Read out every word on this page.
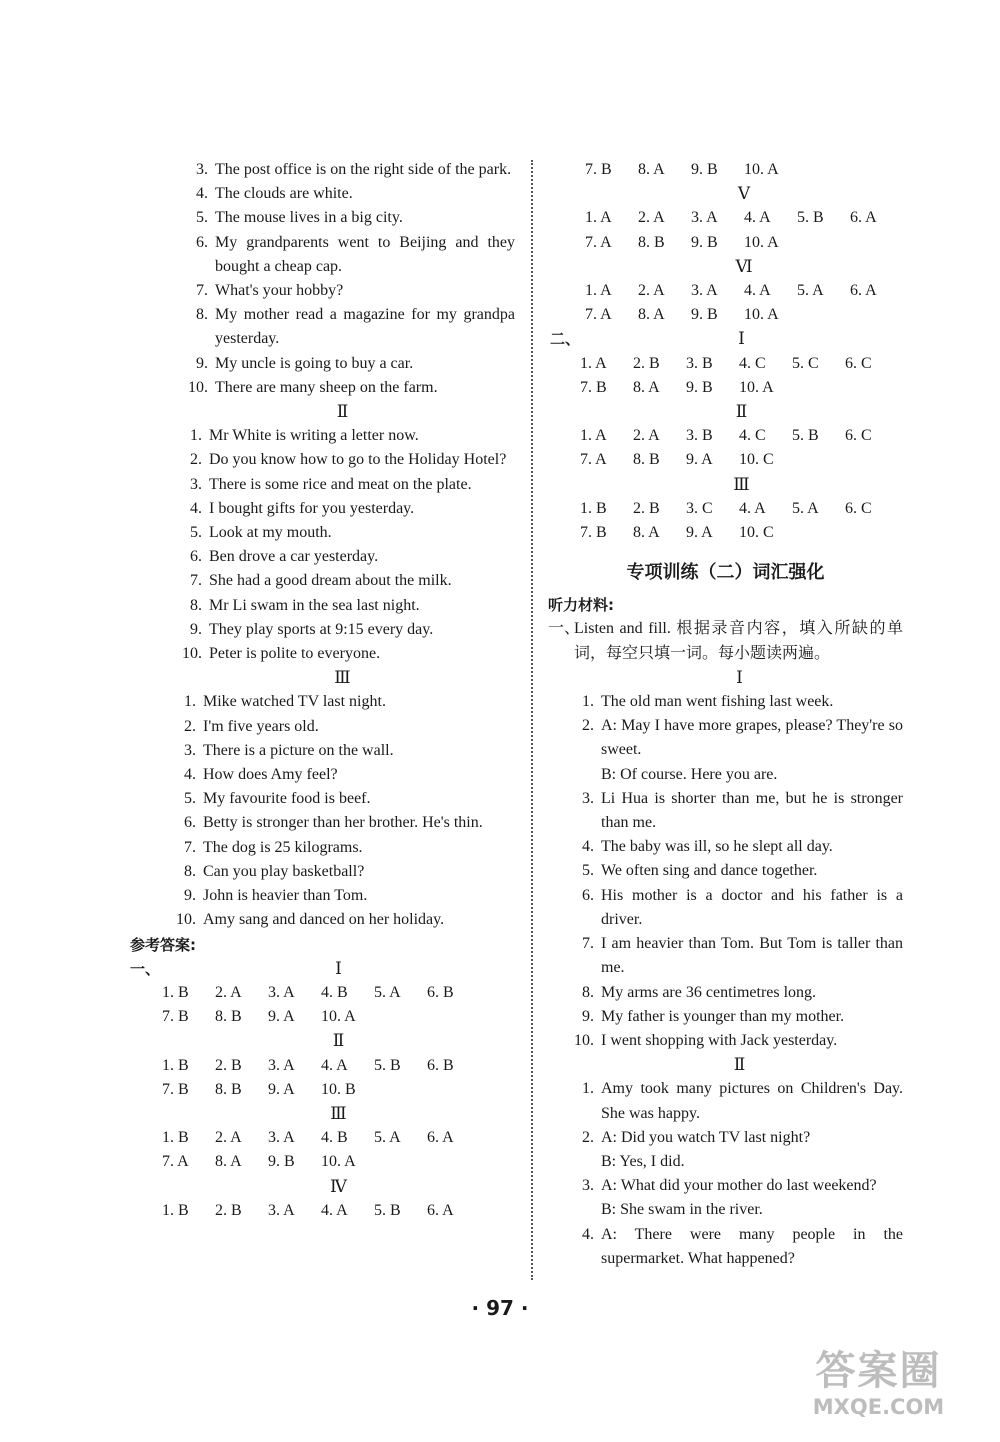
3. The post office is on the right side of the park.
4. The clouds are white.
5. The mouse lives in a big city.
6. My grandparents went to Beijing and they bought a cheap cap.
7. What's your hobby?
8. My mother read a magazine for my grandpa yesterday.
9. My uncle is going to buy a car.
10. There are many sheep on the farm.
Ⅱ
1. Mr White is writing a letter now.
2. Do you know how to go to the Holiday Hotel?
3. There is some rice and meat on the plate.
4. I bought gifts for you yesterday.
5. Look at my mouth.
6. Ben drove a car yesterday.
7. She had a good dream about the milk.
8. Mr Li swam in the sea last night.
9. They play sports at 9:15 every day.
10. Peter is polite to everyone.
Ⅲ
1. Mike watched TV last night.
2. I'm five years old.
3. There is a picture on the wall.
4. How does Amy feel?
5. My favourite food is beef.
6. Betty is stronger than her brother. He's thin.
7. The dog is 25 kilograms.
8. Can you play basketball?
9. John is heavier than Tom.
10. Amy sang and danced on her holiday.
参考答案:
一、	Ⅰ
1. B	2. A	3. A	4. B	5. A	6. B
7. B	8. B	9. A	10. A
Ⅱ
1. B	2. B	3. A	4. A	5. B	6. B
7. B	8. B	9. A	10. B
Ⅲ
1. B	2. A	3. A	4. B	5. A	6. A
7. A	8. A	9. B	10. A
Ⅳ
1. B	2. B	3. A	4. A	5. B	6. A
7. B	8. A	9. B	10. A
Ⅴ
1. A	2. A	3. A	4. A	5. B	6. A
7. A	8. B	9. B	10. A
Ⅵ
1. A	2. A	3. A	4. A	5. A	6. A
7. A	8. A	9. B	10. A
二、	Ⅰ
1. A	2. B	3. B	4. C	5. C	6. C
7. B	8. A	9. B	10. A
Ⅱ
1. A	2. A	3. B	4. C	5. B	6. C
7. A	8. B	9. A	10. C
Ⅲ
1. B	2. B	3. C	4. A	5. A	6. C
7. B	8. A	9. A	10. C
专项训练（二）词汇强化
听力材料:
一、
Listen and fill. 根据录音内容，填入所缺的单词，每空只填一词。每小题读两遍。
Ⅰ
1. The old man went fishing last week.
2. A: May I have more grapes, please? They're so sweet.
B: Of course. Here you are.
3. Li Hua is shorter than me, but he is stronger than me.
4. The baby was ill, so he slept all day.
5. We often sing and dance together.
6. His mother is a doctor and his father is a driver.
7. I am heavier than Tom. But Tom is taller than me.
8. My arms are 36 centimetres long.
9. My father is younger than my mother.
10. I went shopping with Jack yesterday.
Ⅱ
1. Amy took many pictures on Children's Day. She was happy.
2. A: Did you watch TV last night?
B: Yes, I did.
3. A: What did your mother do last weekend?
B: She swam in the river.
4. A: There were many people in the supermarket. What happened?
· 97 ·
答案圈
MXQE.COM
